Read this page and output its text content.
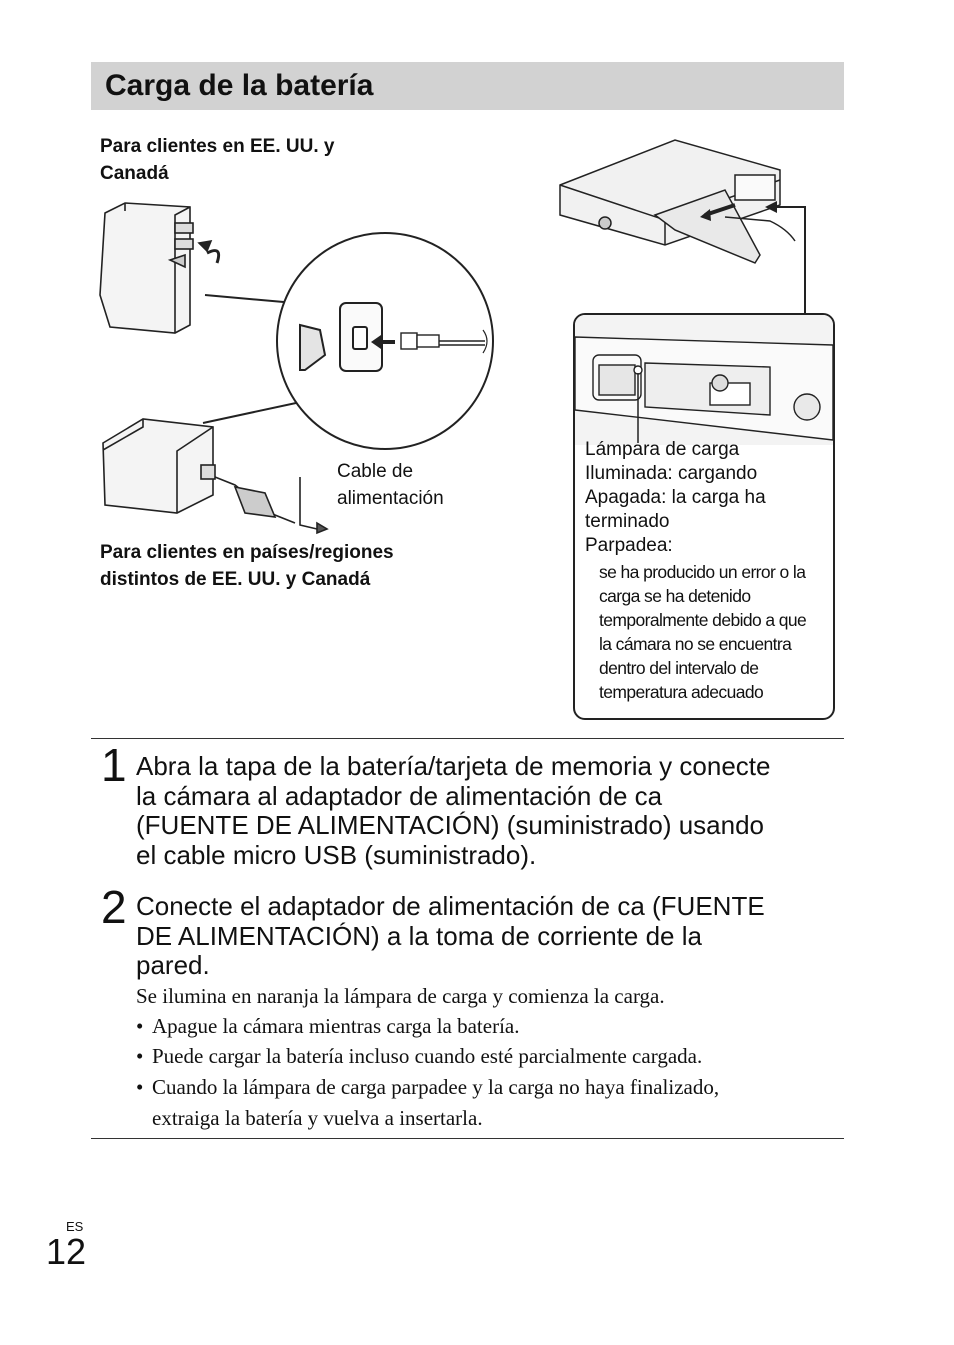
Carga de la batería
Para clientes en EE. UU. y
Canadá
Para clientes en países/regiones
distintos de EE. UU. y Canadá
Cable de
alimentación
Lámpara de carga
Iluminada: cargando
Apagada: la carga ha
terminado
Parpadea:
se ha producido un error o la
carga se ha detenido
temporalmente debido a que
la cámara no se encuentra
dentro del intervalo de
temperatura adecuado
1 Abra la tapa de la batería/tarjeta de memoria y conecte
la cámara al adaptador de alimentación de ca
(FUENTE DE ALIMENTACIÓN) (suministrado) usando
el cable micro USB (suministrado).
2 Conecte el adaptador de alimentación de ca (FUENTE
DE ALIMENTACIÓN) a la toma de corriente de la
pared.
Se ilumina en naranja la lámpara de carga y comienza la carga.
• Apague la cámara mientras carga la batería.
• Puede cargar la batería incluso cuando esté parcialmente cargada.
• Cuando la lámpara de carga parpadee y la carga no haya finalizado,
extraiga la batería y vuelva a insertarla.
ES
12
